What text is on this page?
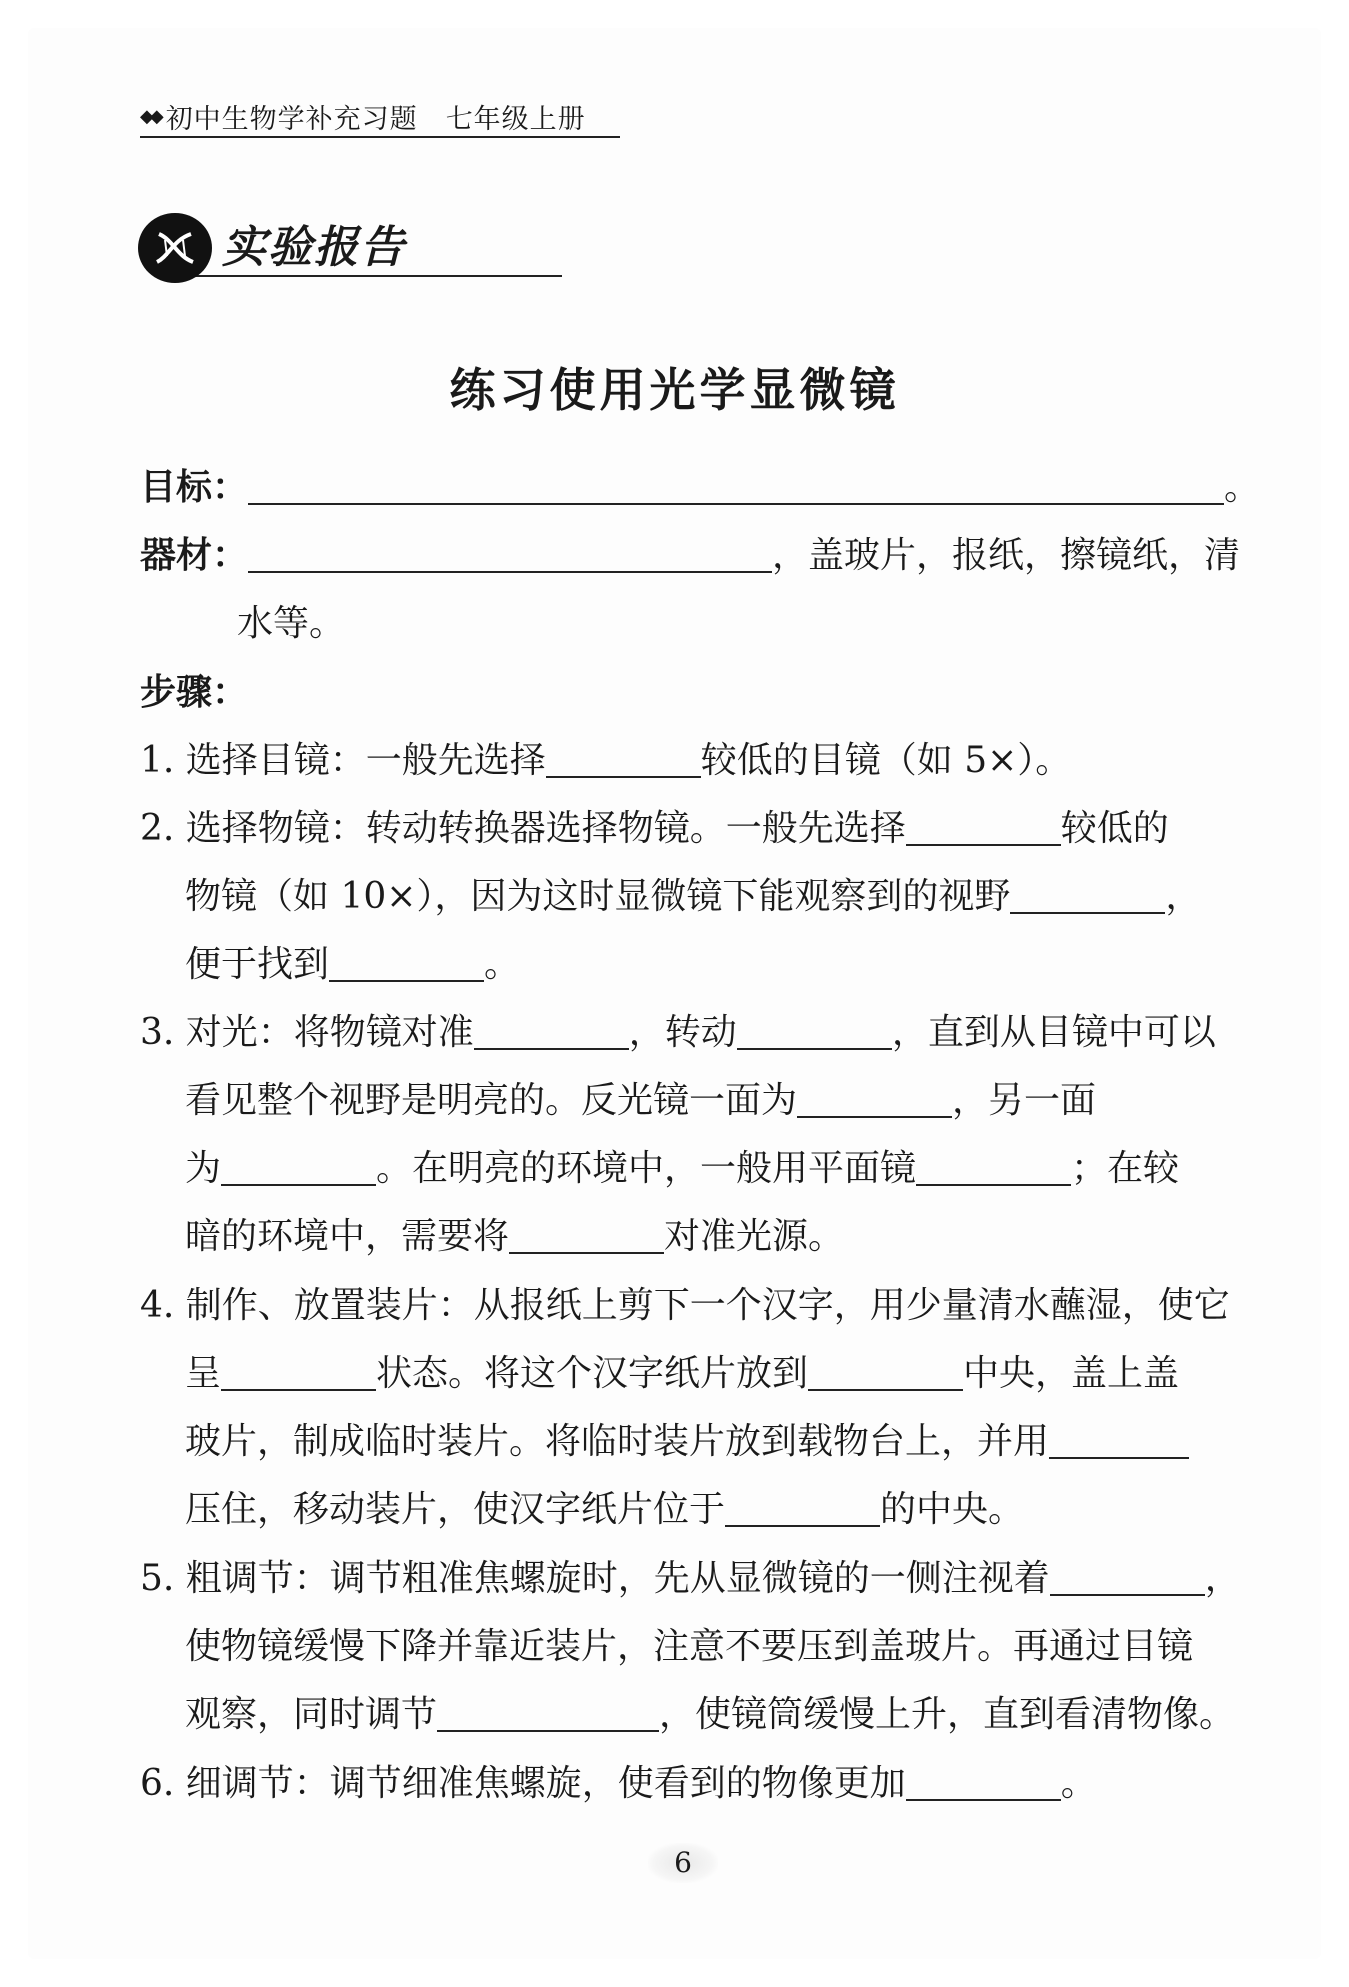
◆◆ 初中生物学补充习题 七年级上册
实验报告
练习使用光学显微镜
目标：	。
器材：	，盖玻片，报纸，擦镜纸，清
水等。
步骤：
1. 选择目镜：一般先选择	较低的目镜（如 5×）。
2. 选择物镜：转动转换器选择物镜。一般先选择	较低的
物镜（如 10×），因为这时显微镜下能观察到的视野	，
便于找到	。
3. 对光：将物镜对准	，转动	，直到从目镜中可以
看见整个视野是明亮的。反光镜一面为	，另一面
为	。在明亮的环境中，一般用平面镜	；在较
暗的环境中，需要将	对准光源。
4. 制作、放置装片：从报纸上剪下一个汉字，用少量清水蘸湿，使它
呈	状态。将这个汉字纸片放到	中央，盖上盖
玻片，制成临时装片。将临时装片放到载物台上，并用
压住，移动装片，使汉字纸片位于	的中央。
5. 粗调节：调节粗准焦螺旋时，先从显微镜的一侧注视着	，
使物镜缓慢下降并靠近装片，注意不要压到盖玻片。再通过目镜
观察，同时调节	，使镜筒缓慢上升，直到看清物像。
6. 细调节：调节细准焦螺旋，使看到的物像更加	。
6
